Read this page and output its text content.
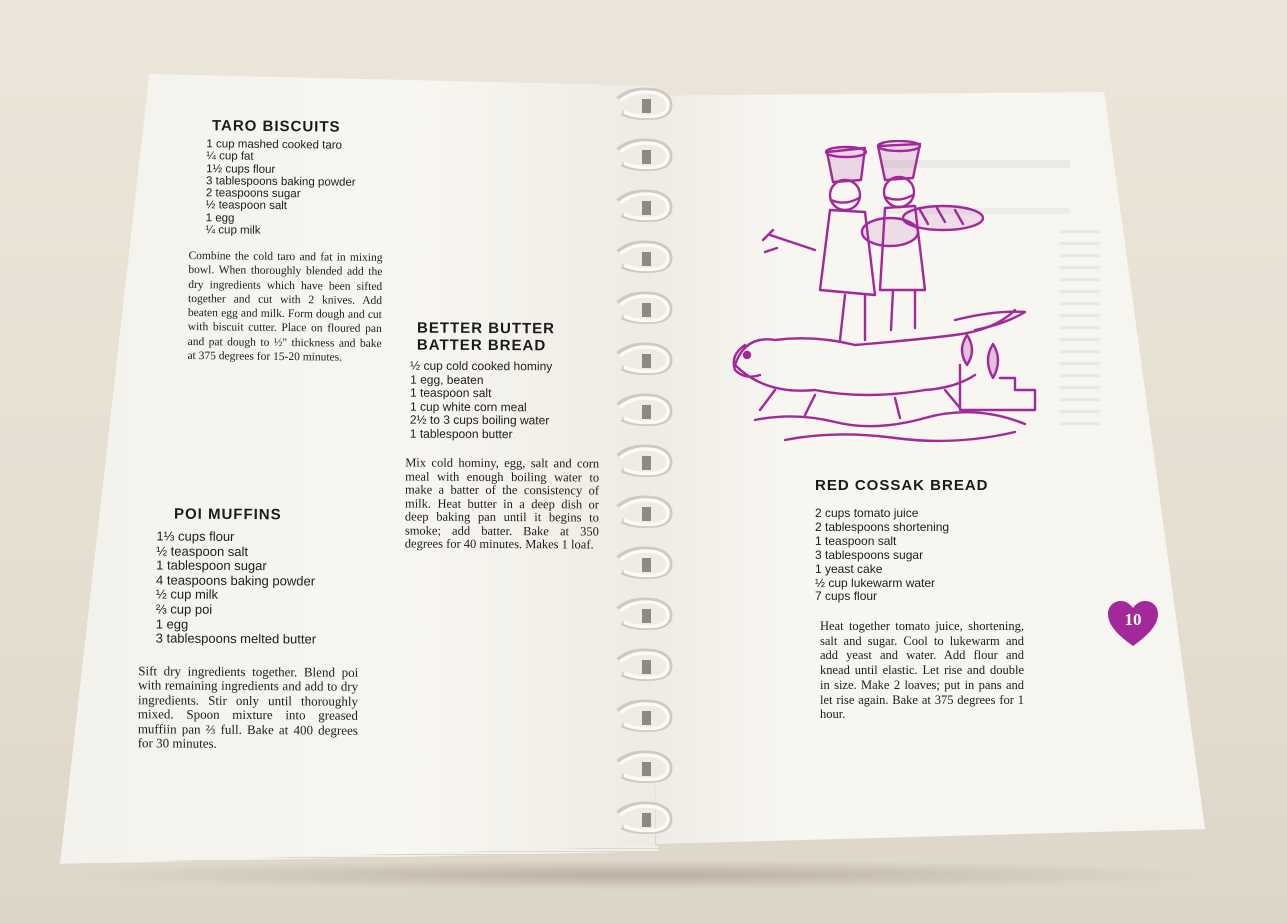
TARO BISCUITS
1 cup mashed cooked taro
¼ cup fat
1½ cups flour
3 tablespoons baking powder
2 teaspoons sugar
½ teaspoon salt
1 egg
¼ cup milk

Combine the cold taro and fat in mixing bowl. When thoroughly blended add the dry ingredients which have been sifted together and cut with 2 knives. Add beaten egg and milk. Form dough and cut with biscuit cutter. Place on floured pan and pat dough to ½" thickness and bake at 375 degrees for 15-20 minutes.

BETTER BUTTER
BATTER BREAD
½ cup cold cooked hominy
1 egg, beaten
1 teaspoon salt
1 cup white corn meal
2½ to 3 cups boiling water
1 tablespoon butter

Mix cold hominy, egg, salt and corn meal with enough boiling water to make a batter of the consistency of milk. Heat butter in a deep dish or deep baking pan until it begins to smoke; add batter. Bake at 350 degrees for 40 minutes. Makes 1 loaf.

POI MUFFINS
1⅓ cups flour
½ teaspoon salt
1 tablespoon sugar
4 teaspoons baking powder
½ cup milk
⅔ cup poi
1 egg
3 tablespoons melted butter

Sift dry ingredients together. Blend poi with remaining ingredients and add to dry ingredients. Stir only until thoroughly mixed. Spoon mixture into greased muffiin pan ⅔ full. Bake at 400 degrees for 30 minutes.

RED COSSAK BREAD
2 cups tomato juice
2 tablespoons shortening
1 teaspoon salt
3 tablespoons sugar
1 yeast cake
½ cup lukewarm water
7 cups flour

Heat together tomato juice, shortening, salt and sugar. Cool to lukewarm and add yeast and water. Add flour and knead until elastic. Let rise and double in size. Make 2 loaves; put in pans and let rise again. Bake at 375 degrees for 1 hour.

10
